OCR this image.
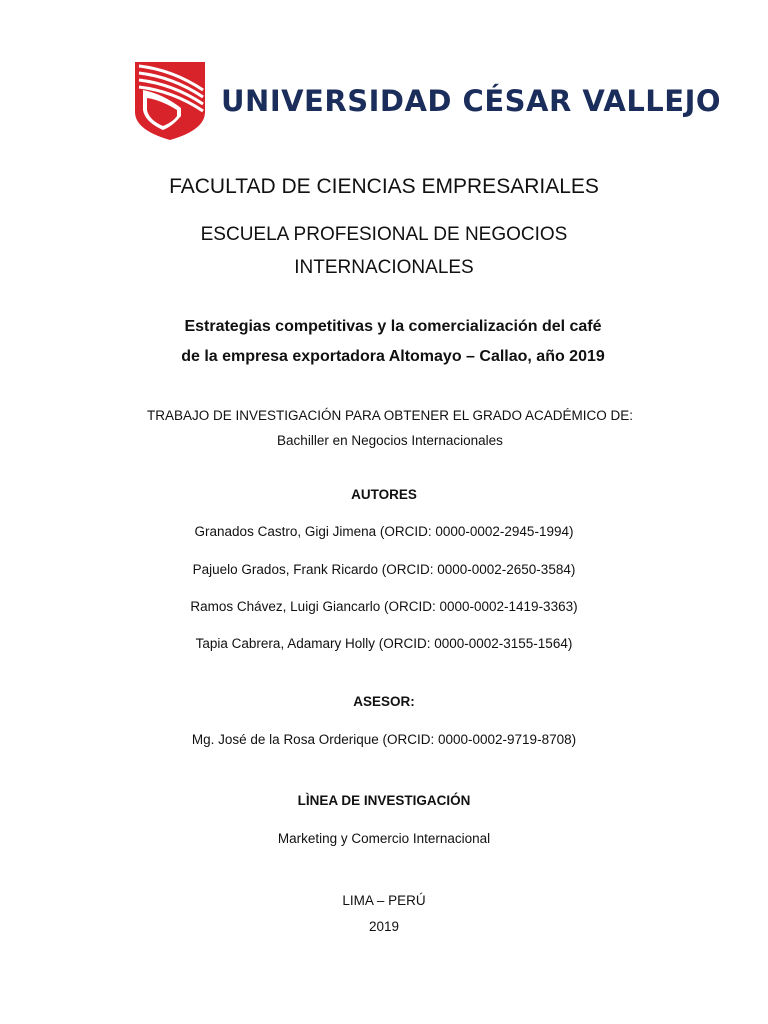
UNIVERSIDAD CÉSAR VALLEJO
FACULTAD DE CIENCIAS EMPRESARIALES
ESCUELA PROFESIONAL DE NEGOCIOS
INTERNACIONALES
Estrategias competitivas y la comercialización del café
de la empresa exportadora Altomayo – Callao, año 2019
TRABAJO DE INVESTIGACIÓN PARA OBTENER EL GRADO ACADÉMICO DE:
Bachiller en Negocios Internacionales
AUTORES
Granados Castro, Gigi Jimena (ORCID: 0000-0002-2945-1994)
Pajuelo Grados, Frank Ricardo (ORCID: 0000-0002-2650-3584)
Ramos Chávez, Luigi Giancarlo (ORCID: 0000-0002-1419-3363)
Tapia Cabrera, Adamary Holly (ORCID: 0000-0002-3155-1564)
ASESOR:
Mg. José de la Rosa Orderique (ORCID: 0000-0002-9719-8708)
LÌNEA DE INVESTIGACIÓN
Marketing y Comercio Internacional
LIMA – PERÚ
2019
